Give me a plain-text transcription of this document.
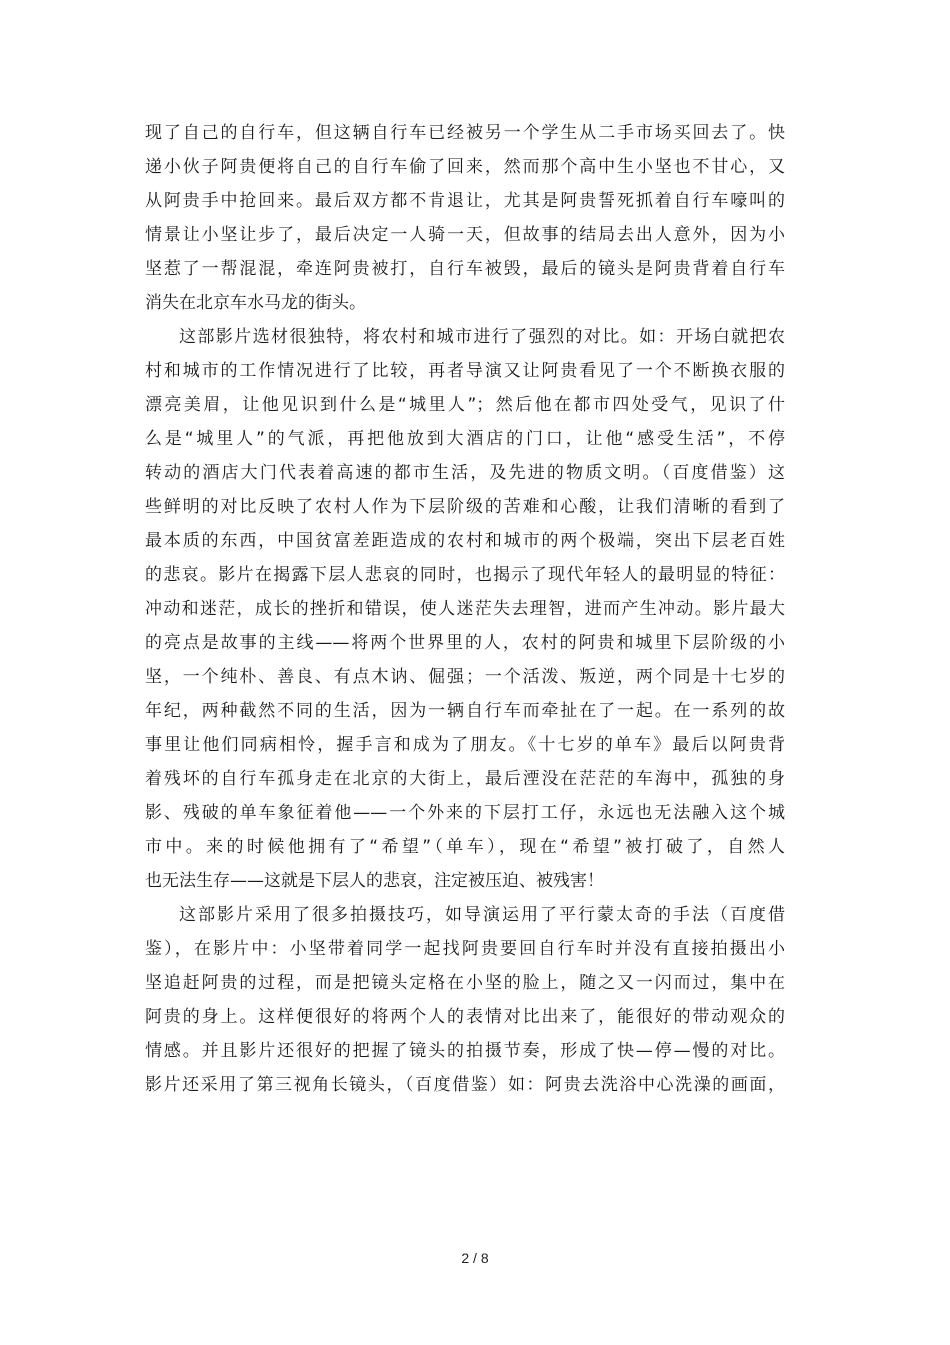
现了自己的自行车，但这辆自行车已经被另一个学生从二手市场买回去了。快
递小伙子阿贵便将自己的自行车偷了回来，然而那个高中生小坚也不甘心，又
从阿贵手中抢回来。最后双方都不肯退让，尤其是阿贵誓死抓着自行车嚎叫的
情景让小坚让步了，最后决定一人骑一天，但故事的结局去出人意外，因为小
坚惹了一帮混混，牵连阿贵被打，自行车被毁，最后的镜头是阿贵背着自行车
消失在北京车水马龙的街头。
这部影片选材很独特，将农村和城市进行了强烈的对比。如：开场白就把农
村和城市的工作情况进行了比较，再者导演又让阿贵看见了一个不断换衣服的
漂亮美眉，让他见识到什么是“城里人”；然后他在都市四处受气，见识了什
么是“城里人”的气派，再把他放到大酒店的门口，让他“感受生活”，不停
转动的酒店大门代表着高速的都市生活，及先进的物质文明。（百度借鉴）这
些鲜明的对比反映了农村人作为下层阶级的苦难和心酸，让我们清晰的看到了
最本质的东西，中国贫富差距造成的农村和城市的两个极端，突出下层老百姓
的悲哀。影片在揭露下层人悲哀的同时，也揭示了现代年轻人的最明显的特征：
冲动和迷茫，成长的挫折和错误，使人迷茫失去理智，进而产生冲动。影片最大
的亮点是故事的主线——将两个世界里的人，农村的阿贵和城里下层阶级的小
坚，一个纯朴、善良、有点木讷、倔强；一个活泼、叛逆，两个同是十七岁的
年纪，两种截然不同的生活，因为一辆自行车而牵扯在了一起。在一系列的故
事里让他们同病相怜，握手言和成为了朋友。《十七岁的单车》最后以阿贵背
着残坏的自行车孤身走在北京的大街上，最后湮没在茫茫的车海中，孤独的身
影、残破的单车象征着他——一个外来的下层打工仔，永远也无法融入这个城
市中。来的时候他拥有了“希望”（单车），现在“希望”被打破了，自然人
也无法生存——这就是下层人的悲哀，注定被压迫、被残害！
这部影片采用了很多拍摄技巧，如导演运用了平行蒙太奇的手法（百度借
鉴），在影片中：小坚带着同学一起找阿贵要回自行车时并没有直接拍摄出小
坚追赶阿贵的过程，而是把镜头定格在小坚的脸上，随之又一闪而过，集中在
阿贵的身上。这样便很好的将两个人的表情对比出来了，能很好的带动观众的
情感。并且影片还很好的把握了镜头的拍摄节奏，形成了快—停—慢的对比。
影片还采用了第三视角长镜头，（百度借鉴）如：阿贵去洗浴中心洗澡的画面，
2 / 8
